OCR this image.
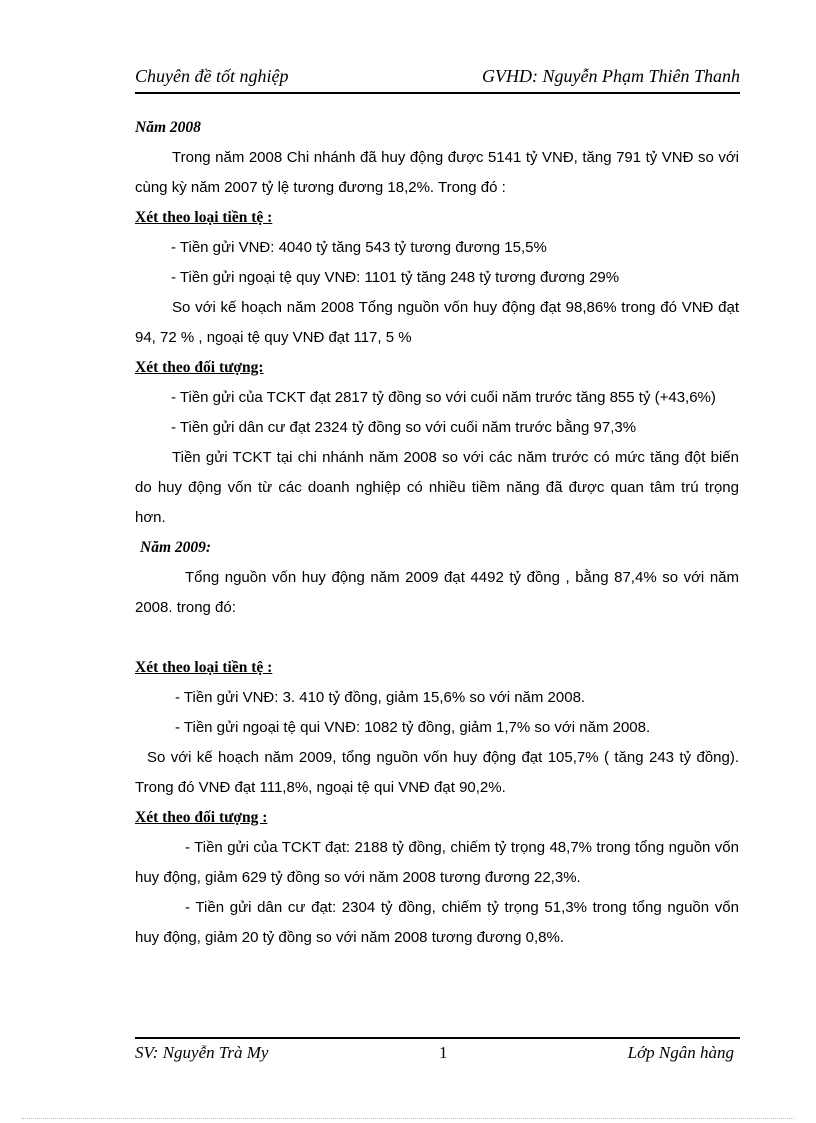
Chuyên đề tốt nghiệp	GVHD: Nguyễn Phạm Thiên Thanh

Năm 2008

Trong năm 2008 Chi nhánh đã huy động được 5141 tỷ VNĐ, tăng 791 tỷ VNĐ so với cùng kỳ năm 2007 tỷ lệ tương đương 18,2%. Trong đó :

Xét theo loại tiền tệ :

- Tiền gửi VNĐ: 4040 tỷ tăng 543 tỷ tương đương 15,5%

- Tiền gửi ngoại tệ quy VNĐ: 1101 tỷ tăng 248 tỷ tương đương 29%

So với kế hoạch năm 2008 Tổng nguồn vốn huy động đạt 98,86% trong đó VNĐ đạt 94, 72 % , ngoại tệ quy VNĐ đạt 117, 5 %

Xét theo đối tượng:

- Tiền gửi của TCKT đạt 2817 tỷ đồng so với cuối năm trước tăng 855 tỷ (+43,6%)

- Tiền gửi dân cư đạt 2324 tỷ đồng so với cuối năm trước bằng 97,3%

Tiền gửi TCKT tại chi nhánh năm 2008 so với các năm trước có mức tăng đột biến do huy động vốn từ các doanh nghiệp có nhiều tiềm năng đã được quan tâm trú trọng hơn.

Năm 2009:

Tổng nguồn vốn huy động năm 2009 đạt 4492 tỷ đồng , bằng 87,4% so với năm 2008. trong đó:

Xét theo loại tiền tệ :

- Tiền gửi VNĐ: 3. 410 tỷ đồng, giảm 15,6% so với năm 2008.

- Tiền gửi ngoại tệ qui VNĐ: 1082 tỷ đồng, giảm 1,7% so với năm 2008.

So với kế hoạch năm 2009, tổng nguồn vốn huy động đạt 105,7% ( tăng 243 tỷ đồng). Trong đó VNĐ đạt 111,8%, ngoại tệ qui VNĐ đạt 90,2%.

Xét theo đối tượng :

- Tiền gửi của TCKT đạt: 2188 tỷ đồng, chiếm tỷ trọng 48,7% trong tổng nguồn vốn huy động, giảm 629 tỷ đồng so với năm 2008 tương đương 22,3%.

- Tiền gửi dân cư đạt: 2304 tỷ đồng, chiếm tỷ trọng 51,3% trong tổng nguồn vốn huy động, giảm 20 tỷ đồng so với năm 2008 tương đương 0,8%.

SV: Nguyễn Trà My	1	Lớp Ngân hàng
